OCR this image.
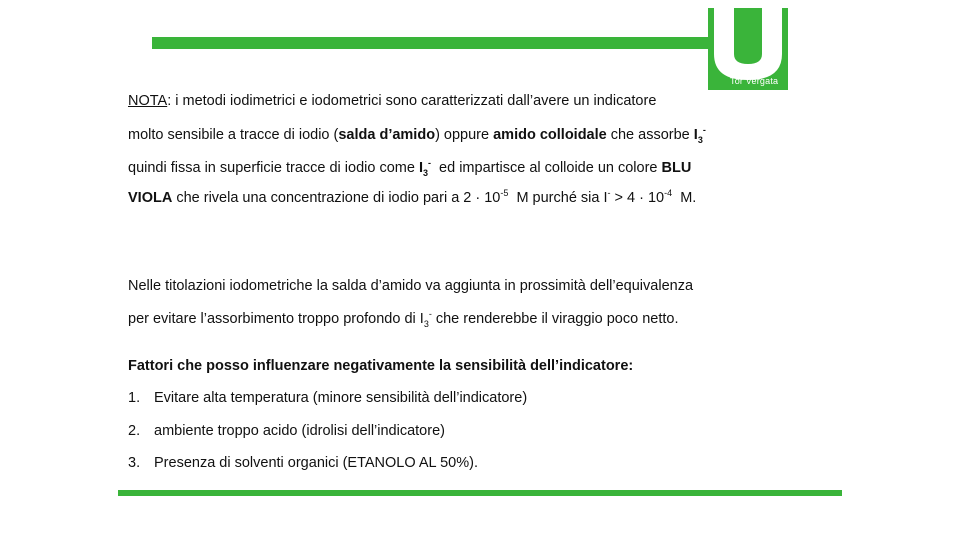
Tor Vergata
NOTA: i metodi iodimetrici e iodometrici sono caratterizzati dall’avere un indicatore
molto sensibile a tracce di iodio (salda d’amido) oppure amido colloidale che assorbe $I_3^-$
quindi fissa in superficie tracce di iodio come $I_3^-$  ed impartisce al colloide un colore BLU
VIOLA che rivela una concentrazione di iodio pari a $2 \cdot 10^{-5}$  M purché sia $I^- > 4 \cdot 10^{-4}$  M.
Nelle titolazioni iodometriche la salda d’amido va aggiunta in prossimità dell’equivalenza
per evitare l’assorbimento troppo profondo di $I_3^-$ che renderebbe il viraggio poco netto.
Fattori che posso influenzare negativamente la sensibilità dell’indicatore:
1. Evitare alta temperatura (minore sensibilità dell’indicatore)
2. ambiente troppo acido (idrolisi dell’indicatore)
3. Presenza di solventi organici (ETANOLO AL 50%).
